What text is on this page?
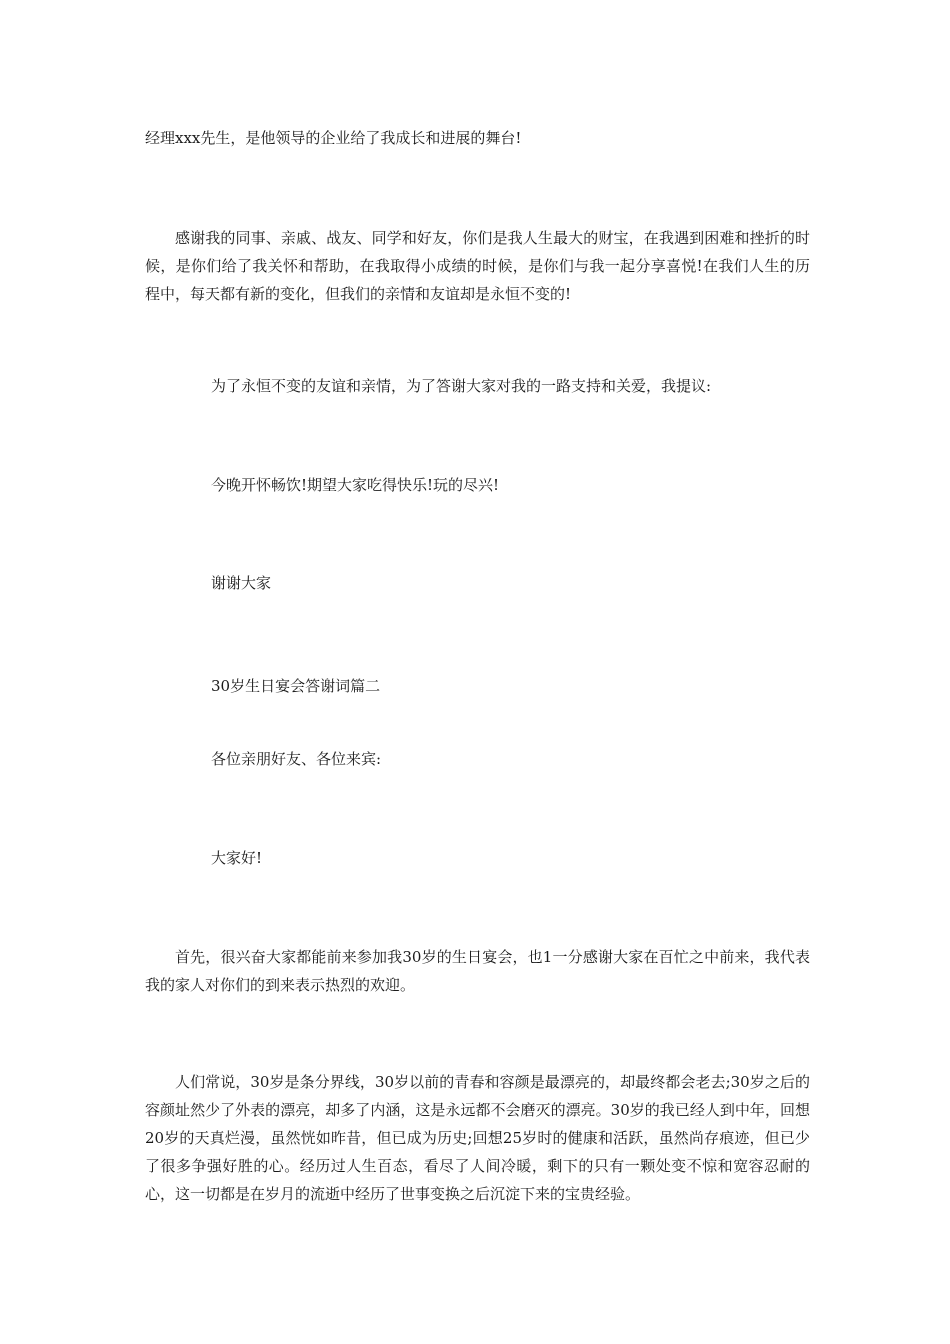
经理xxx先生，是他领导的企业给了我成长和进展的舞台!

感谢我的同事、亲戚、战友、同学和好友，你们是我人生最大的财宝，在我遇到困难和挫折的时候，是你们给了我关怀和帮助，在我取得小成绩的时候，是你们与我一起分享喜悦!在我们人生的历程中，每天都有新的变化，但我们的亲情和友谊却是永恒不变的!

为了永恒不变的友谊和亲情，为了答谢大家对我的一路支持和关爱，我提议:

今晚开怀畅饮!期望大家吃得快乐!玩的尽兴!

谢谢大家

30岁生日宴会答谢词篇二

各位亲朋好友、各位来宾:

大家好!

首先，很兴奋大家都能前来参加我30岁的生日宴会，也1一分感谢大家在百忙之中前来，我代表我的家人对你们的到来表示热烈的欢迎。

人们常说，30岁是条分界线，30岁以前的青春和容颜是最漂亮的，却最终都会老去;30岁之后的容颜址然少了外表的漂亮，却多了内涵，这是永远都不会磨灭的漂亮。30岁的我已经人到中年，回想20岁的天真烂漫，虽然恍如昨昔，但已成为历史;回想25岁时的健康和活跃，虽然尚存痕迹，但已少了很多争强好胜的心。经历过人生百态，看尽了人间冷暖，剩下的只有一颗处变不惊和宽容忍耐的心，这一切都是在岁月的流逝中经历了世事变换之后沉淀下来的宝贵经验。
